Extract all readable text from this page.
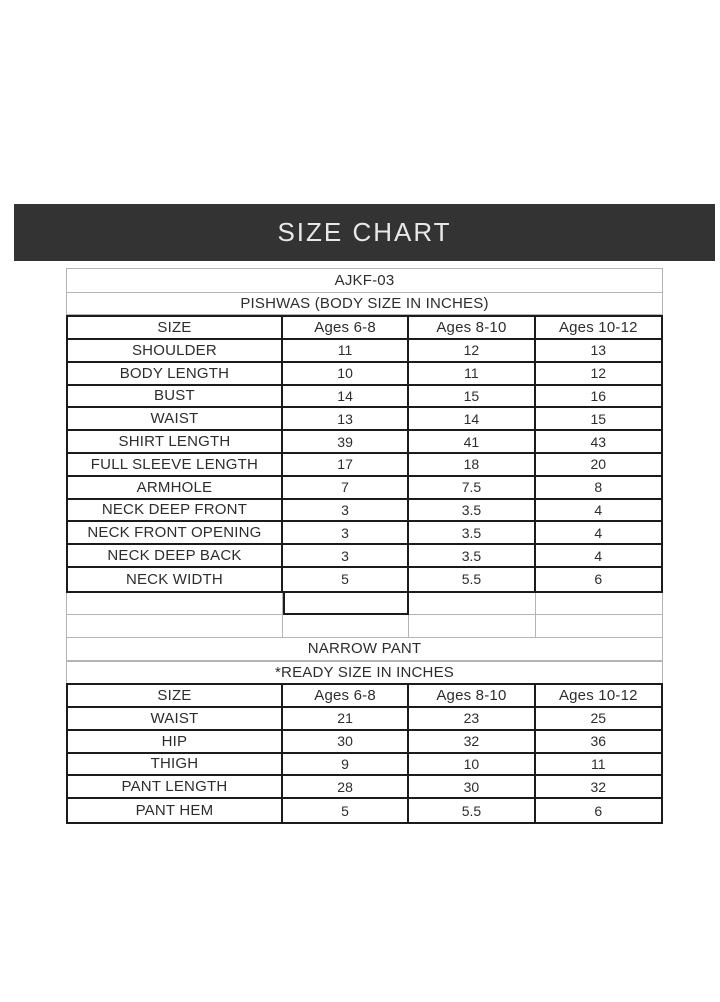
SIZE CHART
AJKF-03
PISHWAS (BODY SIZE IN INCHES)
SIZE	Ages 6-8	Ages 8-10	Ages 10-12
SHOULDER	11	12	13
BODY LENGTH	10	11	12
BUST	14	15	16
WAIST	13	14	15
SHIRT LENGTH	39	41	43
FULL SLEEVE LENGTH	17	18	20
ARMHOLE	7	7.5	8
NECK DEEP FRONT	3	3.5	4
NECK FRONT OPENING	3	3.5	4
NECK DEEP BACK	3	3.5	4
NECK WIDTH	5	5.5	6
NARROW PANT
*READY SIZE IN INCHES
SIZE	Ages 6-8	Ages 8-10	Ages 10-12
WAIST	21	23	25
HIP	30	32	36
THIGH	9	10	11
PANT LENGTH	28	30	32
PANT HEM	5	5.5	6
